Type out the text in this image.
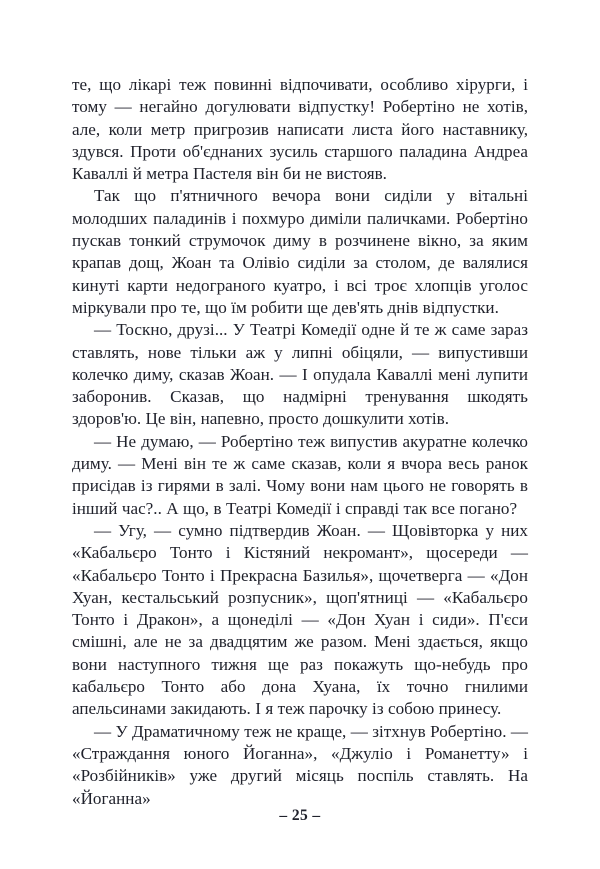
те, що лікарі теж повинні відпочивати, особливо хірурги, і тому — негайно догулювати відпустку! Робертіно не хотів, але, коли метр пригрозив написати листа його наставнику, здувся. Проти об'єднаних зусиль старшого паладина Андреа Каваллі й метра Пастеля він би не вистояв.

Так що п'ятничного вечора вони сиділи у вітальні молодших паладинів і похмуро диміли паличками. Робертіно пускав тонкий струмочок диму в розчинене вікно, за яким крапав дощ, Жоан та Олівіо сиділи за столом, де валялися кинуті карти недограного куатро, і всі троє хлопців уголос міркували про те, що їм робити ще дев'ять днів відпустки.

— Тоскно, друзі... У Театрі Комедії одне й те ж саме зараз ставлять, нове тільки аж у липні обіцяли, — випустивши колечко диму, сказав Жоан. — І опудала Каваллі мені лупити заборонив. Сказав, що надмірні тренування шкодять здоров'ю. Це він, напевно, просто дошкулити хотів.

— Не думаю, — Робертіно теж випустив акуратне колечко диму. — Мені він те ж саме сказав, коли я вчора весь ранок присідав із гирями в залі. Чому вони нам цього не говорять в інший час?.. А що, в Театрі Комедії і справді так все погано?

— Угу, — сумно підтвердив Жоан. — Щовівторка у них «Кабальєро Тонто і Кістяний некромант», щосереди — «Кабальєро Тонто і Прекрасна Базилья», щочетверга — «Дон Хуан, кестальський розпусник», щоп'ятниці — «Кабальєро Тонто і Дракон», а щонеділі — «Дон Хуан і сиди». П'єси смішні, але не за двадцятим же разом. Мені здається, якщо вони наступного тижня ще раз покажуть що-небудь про кабальєро Тонто або дона Хуана, їх точно гнилими апельсинами закидають. І я теж парочку із собою принесу.

— У Драматичному теж не краще, — зітхнув Робертіно. — «Страждання юного Йоганна», «Джуліо і Романетту» і «Розбійників» уже другий місяць поспіль ставлять. На «Йоганна»

– 25 –
